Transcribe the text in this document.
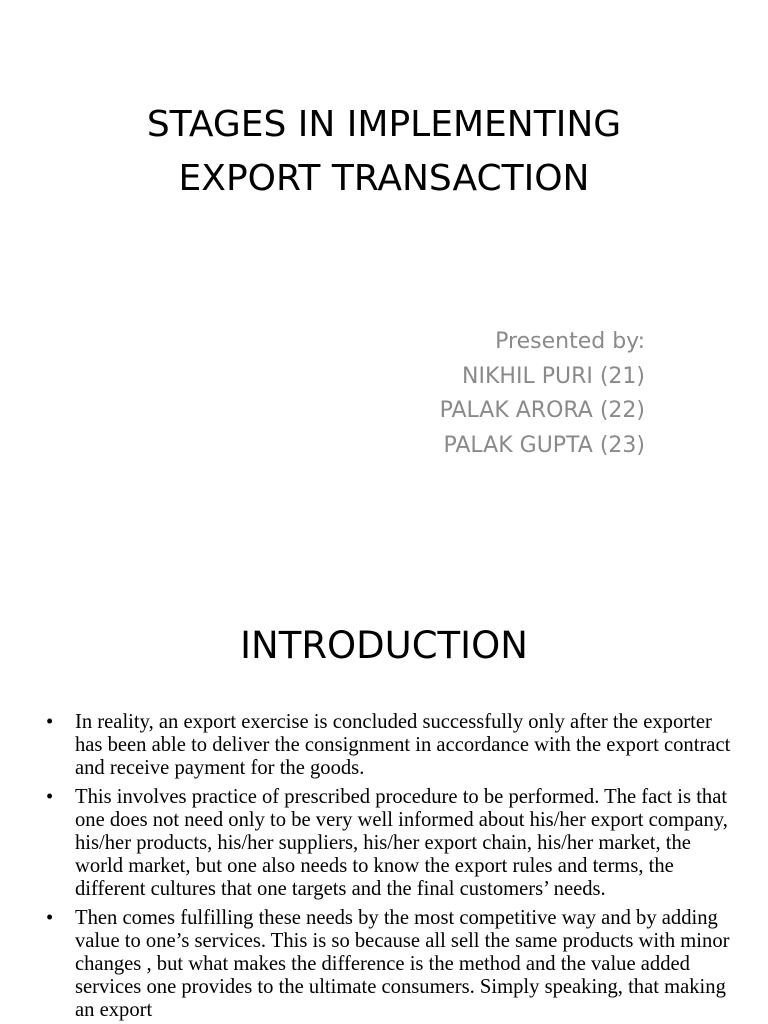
STAGES IN IMPLEMENTING
EXPORT TRANSACTION
Presented by:
NIKHIL PURI (21)
PALAK ARORA (22)
PALAK GUPTA (23)
INTRODUCTION
• In reality, an export exercise is concluded successfully only after the exporter has been able to deliver the consignment in accordance with the export contract and receive payment for the goods.
• This involves practice of prescribed procedure to be performed. The fact is that one does not need only to be very well informed about his/her export company, his/her products, his/her suppliers, his/her export chain, his/her market, the world market, but one also needs to know the export rules and terms, the different cultures that one targets and the final customers’ needs.
• Then comes fulfilling these needs by the most competitive way and by adding value to one’s services. This is so because all sell the same products with minor changes , but what makes the difference is the method and the value added services one provides to the ultimate consumers. Simply speaking, that making an export
